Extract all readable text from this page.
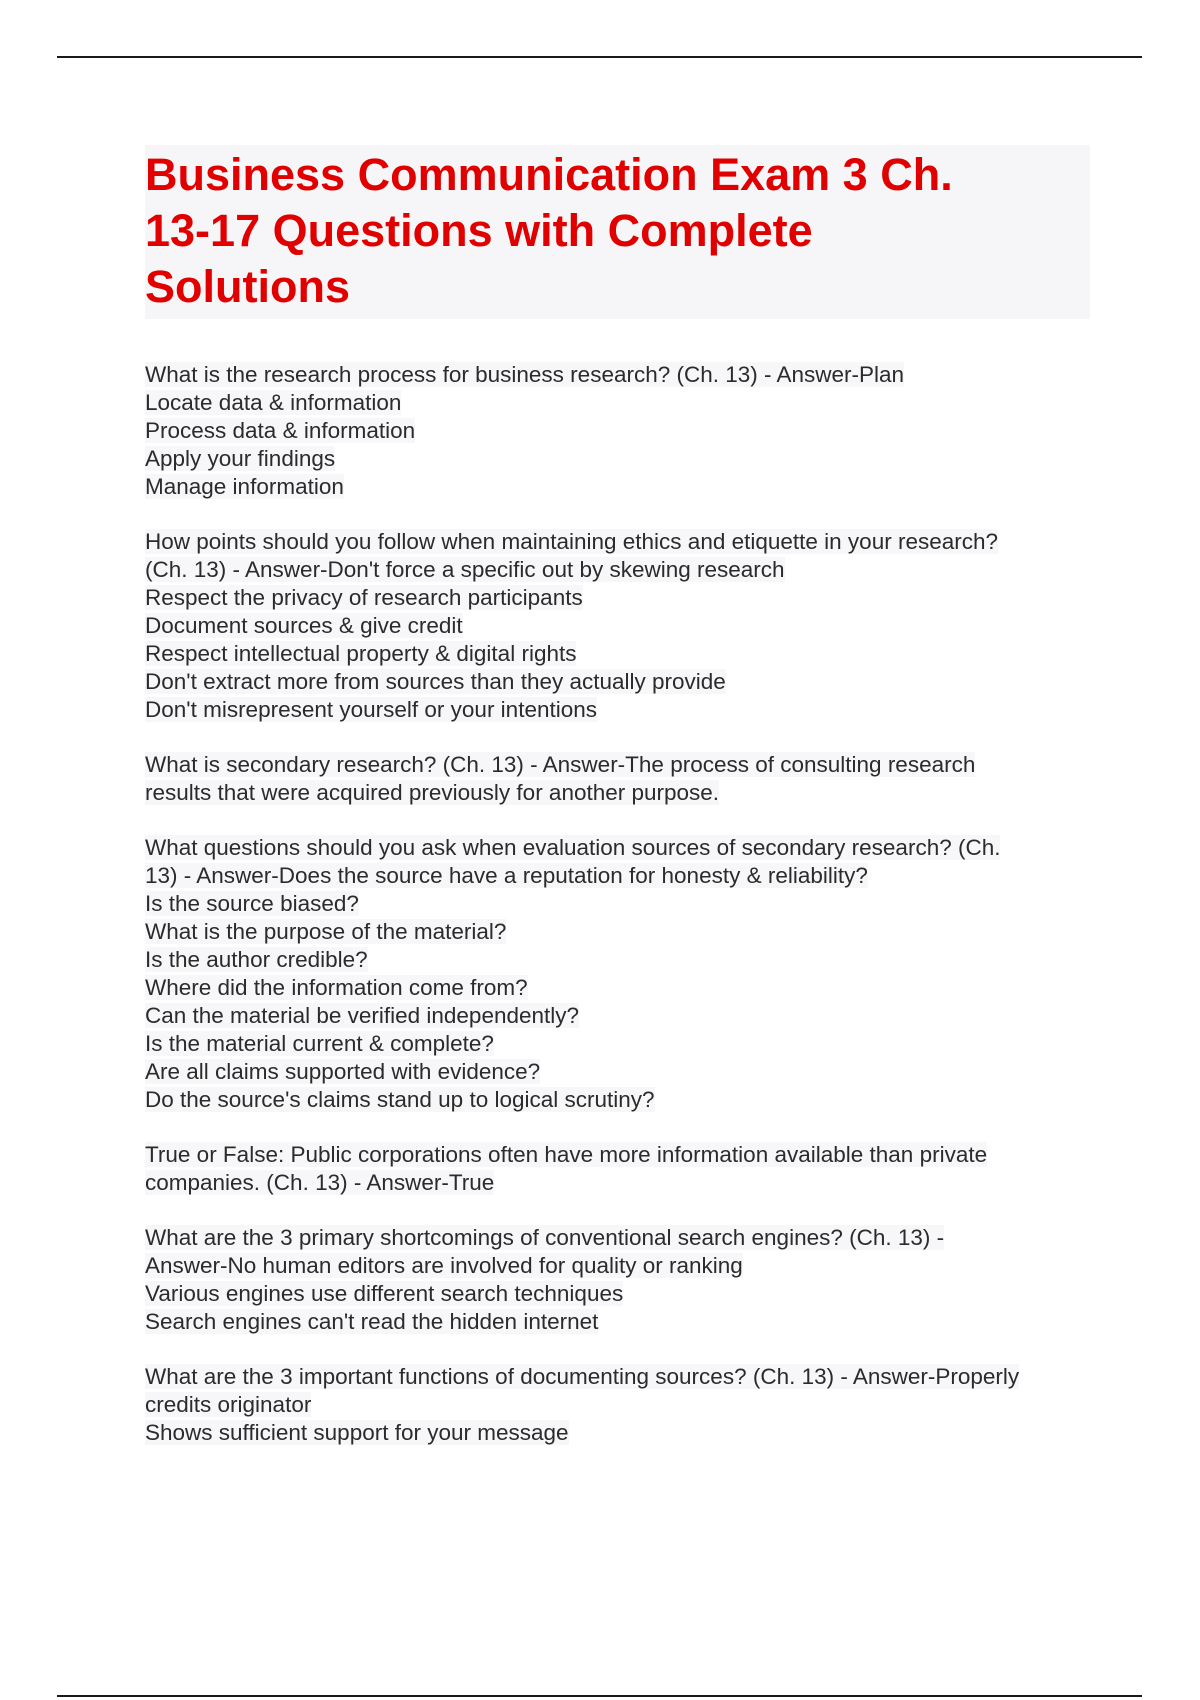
Business Communication Exam 3 Ch.
13-17 Questions with Complete
Solutions

What is the research process for business research? (Ch. 13) - Answer-Plan
Locate data & information
Process data & information
Apply your findings
Manage information

How points should you follow when maintaining ethics and etiquette in your research?
(Ch. 13) - Answer-Don't force a specific out by skewing research
Respect the privacy of research participants
Document sources & give credit
Respect intellectual property & digital rights
Don't extract more from sources than they actually provide
Don't misrepresent yourself or your intentions

What is secondary research? (Ch. 13) - Answer-The process of consulting research
results that were acquired previously for another purpose.

What questions should you ask when evaluation sources of secondary research? (Ch.
13) - Answer-Does the source have a reputation for honesty & reliability?
Is the source biased?
What is the purpose of the material?
Is the author credible?
Where did the information come from?
Can the material be verified independently?
Is the material current & complete?
Are all claims supported with evidence?
Do the source's claims stand up to logical scrutiny?

True or False: Public corporations often have more information available than private
companies. (Ch. 13) - Answer-True

What are the 3 primary shortcomings of conventional search engines? (Ch. 13) -
Answer-No human editors are involved for quality or ranking
Various engines use different search techniques
Search engines can't read the hidden internet

What are the 3 important functions of documenting sources? (Ch. 13) - Answer-Properly
credits originator
Shows sufficient support for your message
